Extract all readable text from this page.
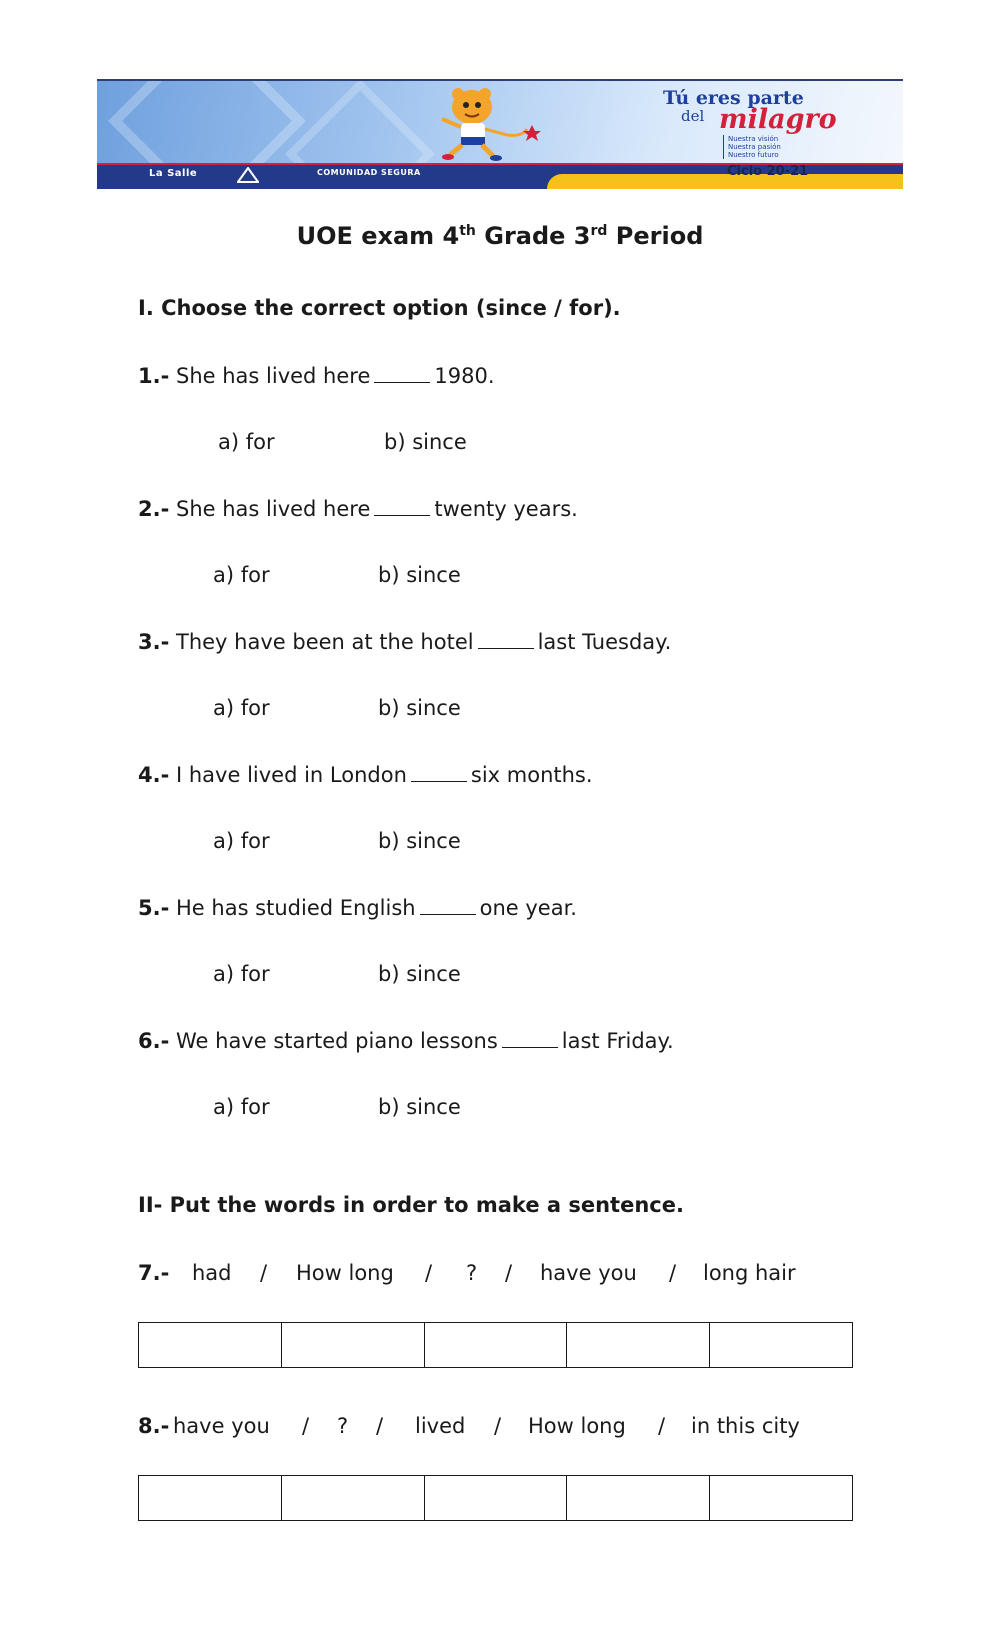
Tú eres parte
del milagro
Nuestra visión
Nuestra pasión
Nuestro futuro
La Salle	COMUNIDAD SEGURA	Ciclo 20-21
UOE exam 4th Grade 3rd Period
I. Choose the correct option (since / for).
1.- She has lived here	1980.
a) for	b) since
2.- She has lived here	twenty years.
a) for	b) since
3.- They have been at the hotel	last Tuesday.
a) for	b) since
4.- I have lived in London	six months.
a) for	b) since
5.- He has studied English	one year.
a) for	b) since
6.- We have started piano lessons	last Friday.
a) for	b) since
II- Put the words in order to make a sentence.
7.- had / How long / ? / have you / long hair
8.- have you / ? / lived / How long / in this city
